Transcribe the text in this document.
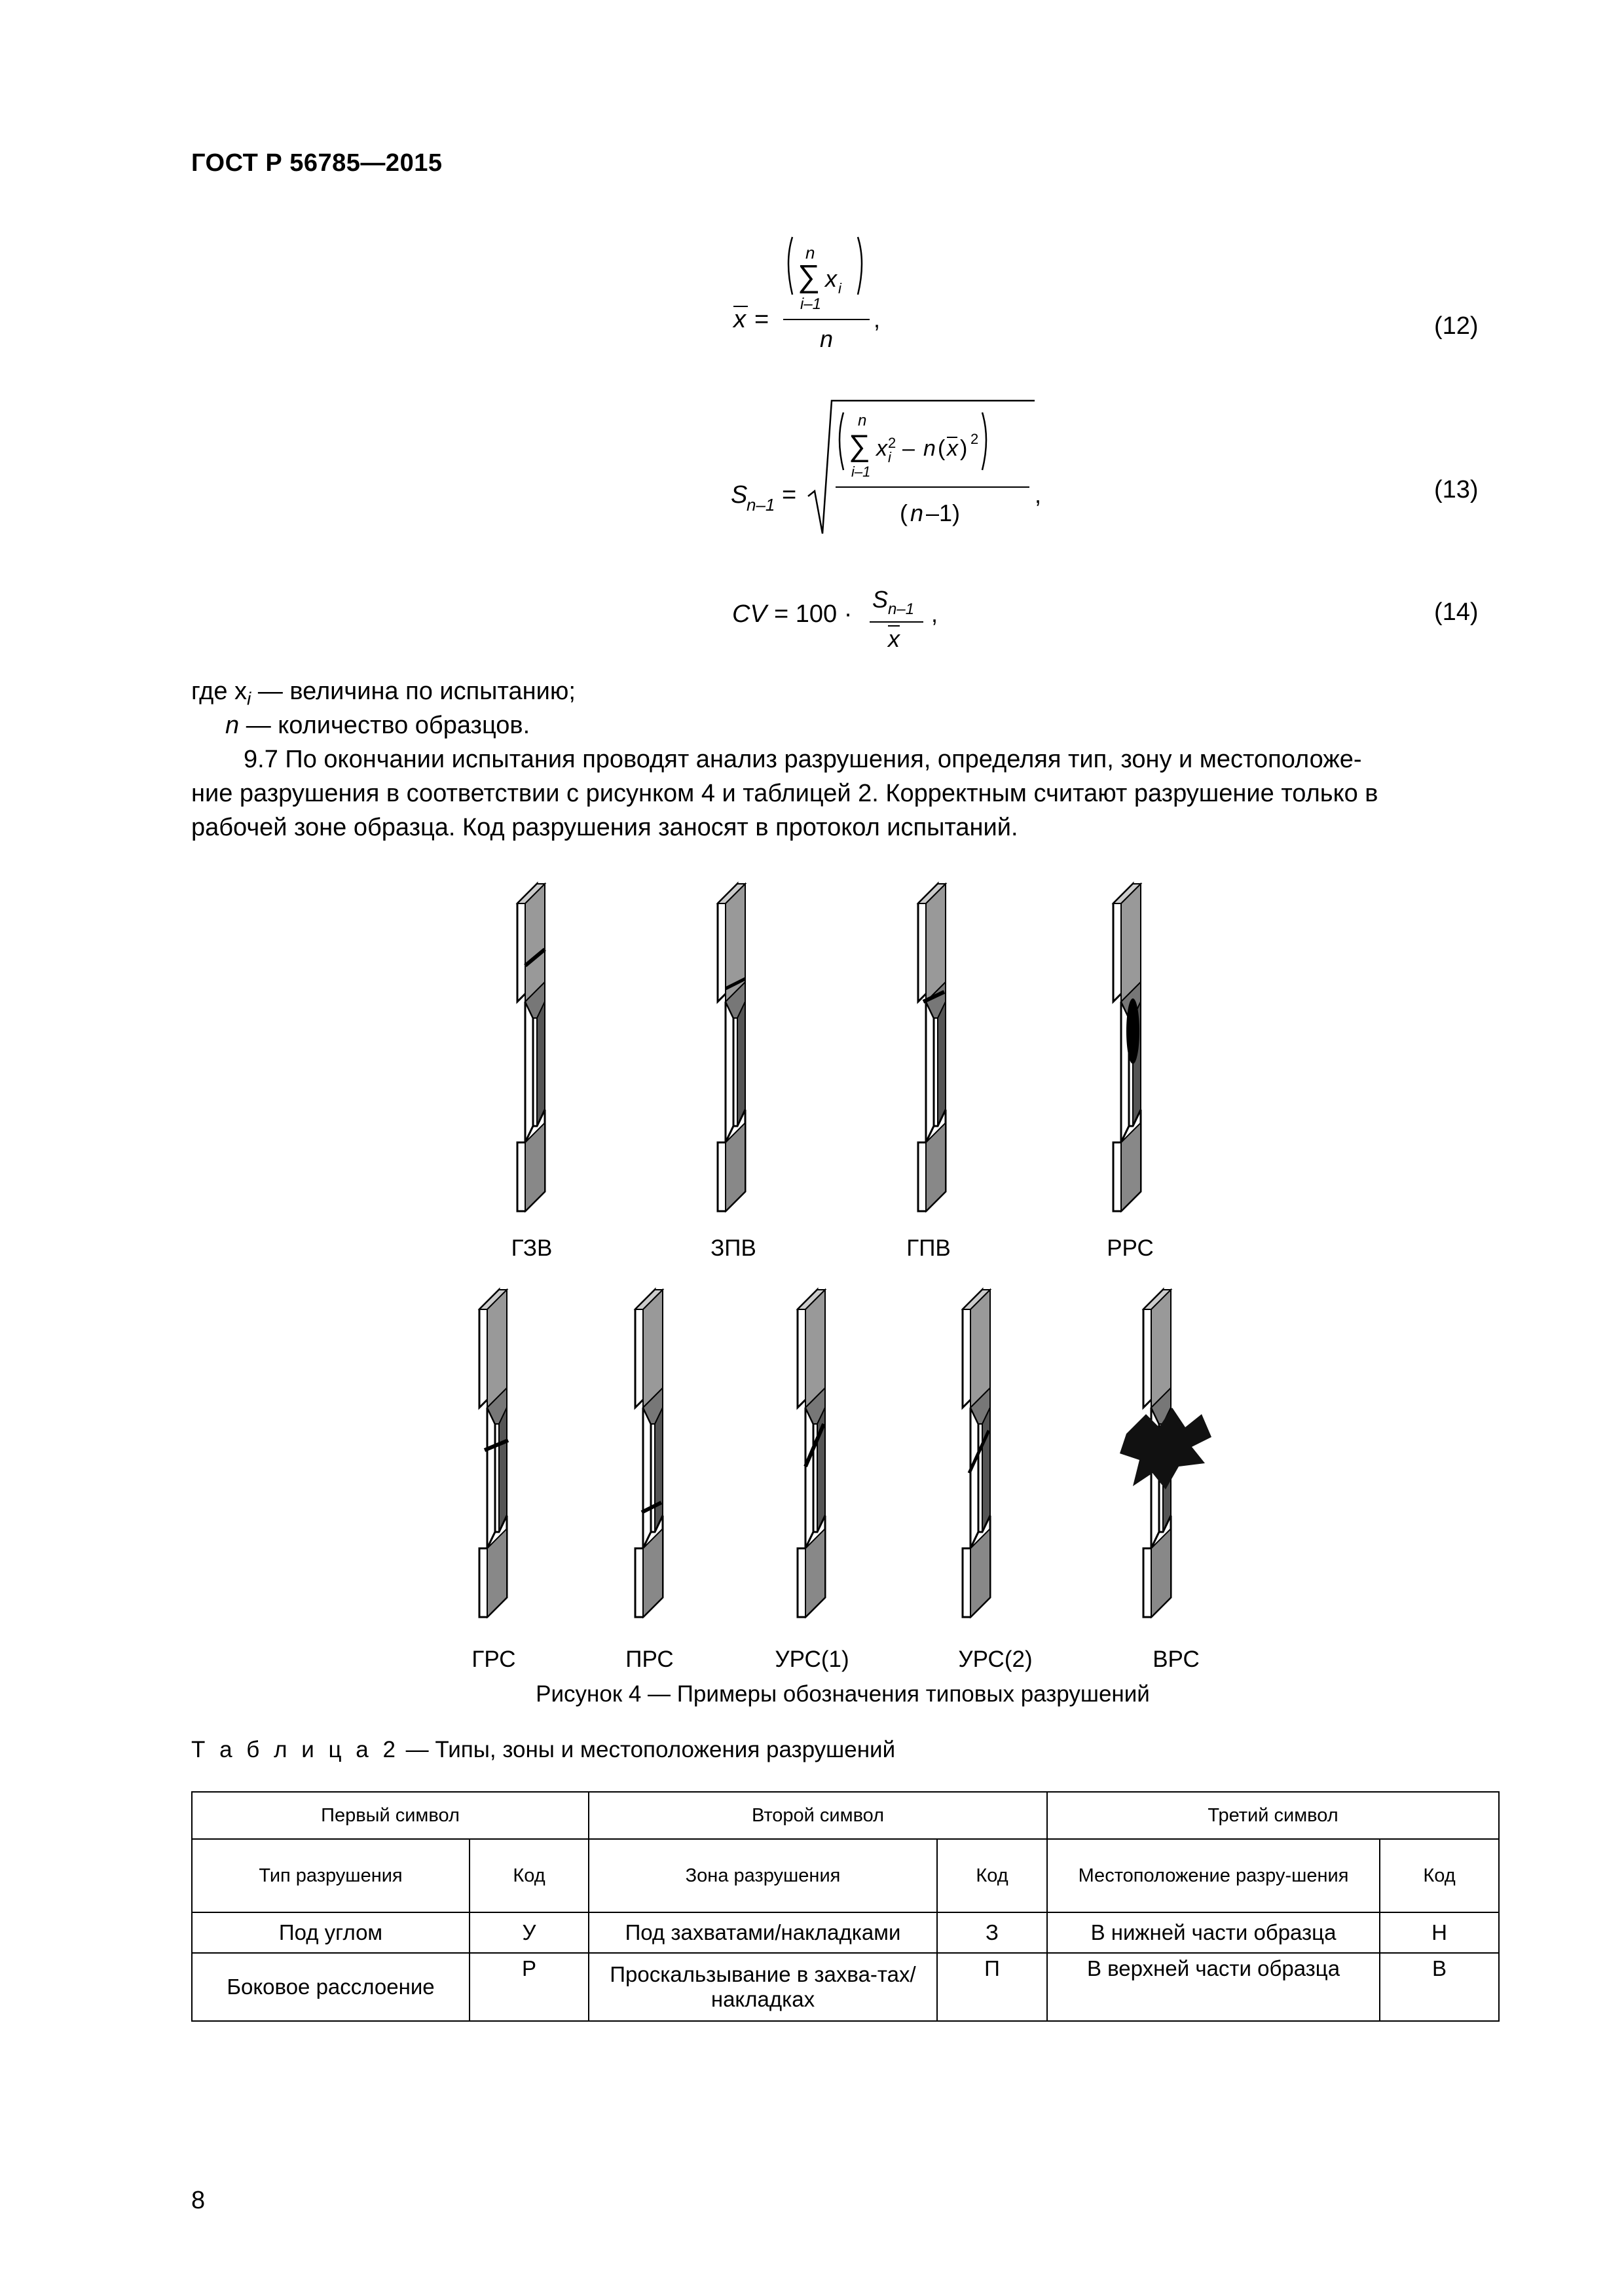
ГОСТ Р 56785—2015
x =
n
∑ x i
i–1
n
,	(12)
S
n–1 =
n
∑ x 2
i – n ( x ) 2
i–1
( n –1)
,	(13)
CV = 100 ·
S n–1
x
,	(14)
где $x_i$ — величина по испытанию;
n — количество образцов.
9.7 По окончании испытания проводят анализ разрушения, определяя тип, зону и местоположе-
ние разрушения в соответствии с рисунком 4 и таблицей 2. Корректным считают разрушение только в
рабочей зоне образца. Код разрушения заносят в протокол испытаний.
ГЗВ	ЗПВ	ГПВ	РРС
ГРС	ПРС	УРС(1)	УРС(2)	ВРС
Рисунок 4 — Примеры обозначения типовых разрушений
Т а б л и ц а 2 — Типы, зоны и местоположения разрушений
Первый символ		Второй символ		Третий символ	
Тип разрушения	Код	Зона разрушения	Код	Местоположение разру-шения	Код
Под углом	У	Под захватами/накладками	З	В нижней части образца	Н
Боковое расслоение	Р	Проскальзывание в захва-тах/накладках	П	В верхней части образца	В
8
